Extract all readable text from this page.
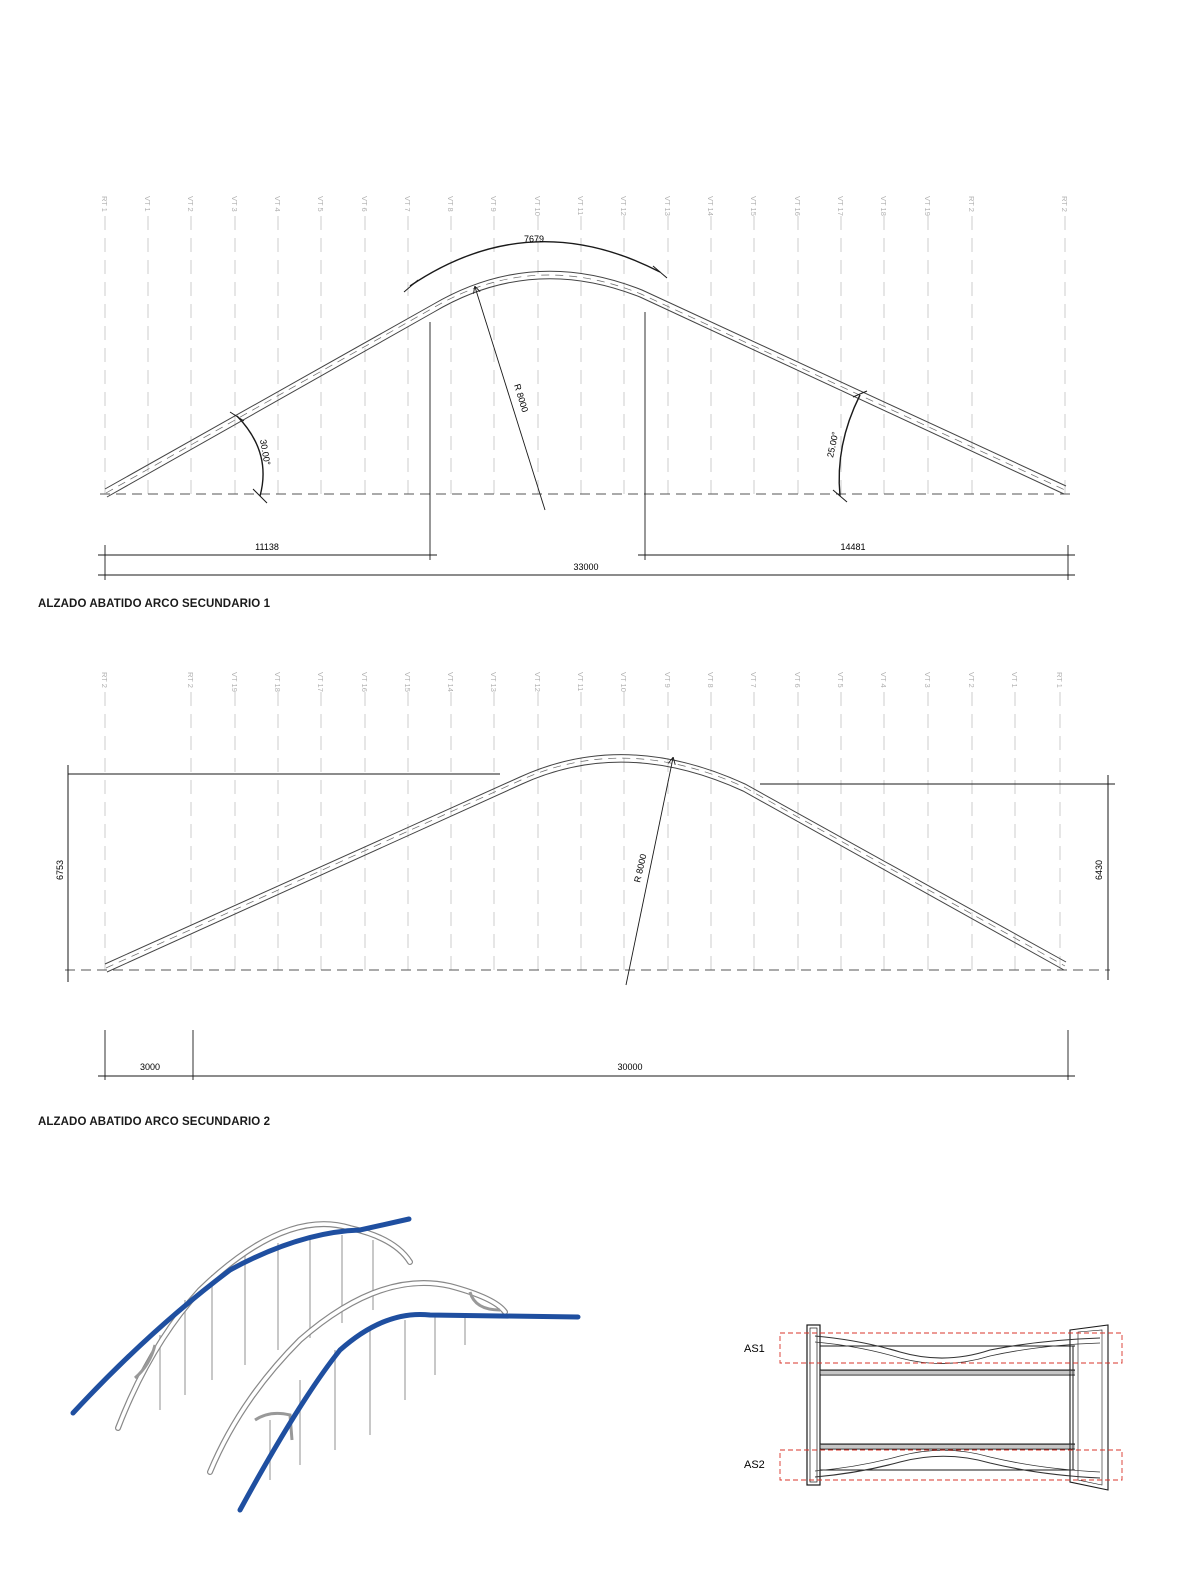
RT 1	VT 1	VT 2	VT 3	VT 4	VT 5	VT 6	VT 7	VT 8	VT 9	VT 10	VT 11	VT 12	VT 13	VT 14	VT 15	VT 16	VT 17	VT 18	VT 19	RT 2	RT 2
7679
R 8000
30.00°	25.00°
11138	14481
33000
RT 2	RT 2	VT 19	VT 18	VT 17	VT 16	VT 15	VT 14	VT 13	VT 12	VT 11	VT 10	VT 9	VT 8	VT 7	VT 6	VT 5	VT 4	VT 3	VT 2	VT 1	RT 1
R 8000
6753	6430
3000	30000
AS1
AS2
ALZADO ABATIDO ARCO SECUNDARIO 1
ALZADO ABATIDO ARCO SECUNDARIO 2
